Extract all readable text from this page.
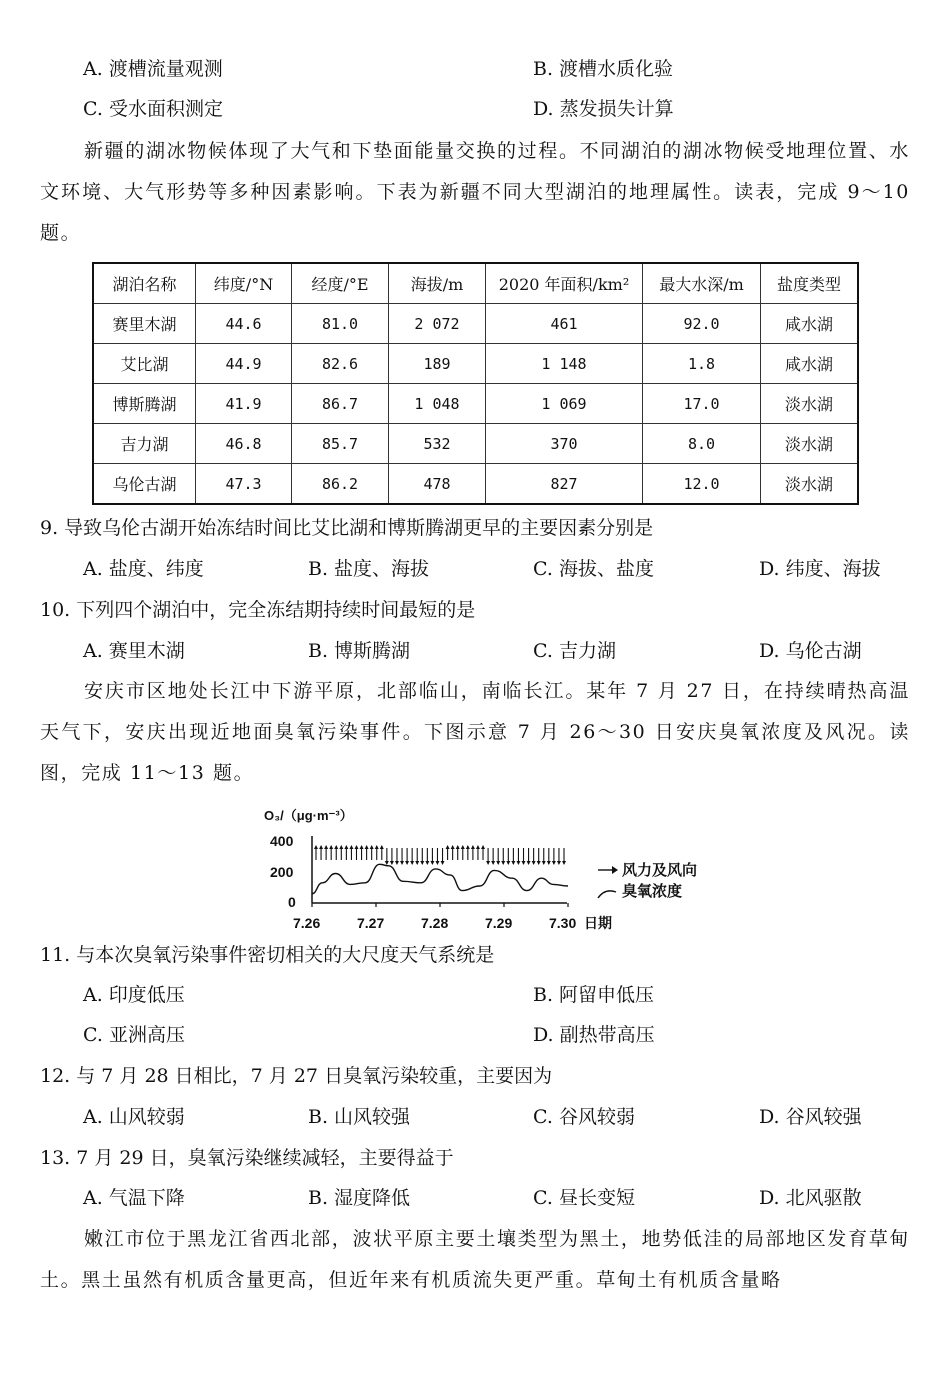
A. 渡槽流量观测	B. 渡槽水质化验
C. 受水面积测定	D. 蒸发损失计算
新疆的湖冰物候体现了大气和下垫面能量交换的过程。不同湖泊的湖冰物候受地理位置、水文环境、大气形势等多种因素影响。下表为新疆不同大型湖泊的地理属性。读表，完成 9～10 题。
湖泊名称	纬度/°N	经度/°E	海拔/m	2020 年面积/km²	最大水深/m	盐度类型
赛里木湖	44.6	81.0	2 072	461	92.0	咸水湖
艾比湖	44.9	82.6	189	1 148	1.8	咸水湖
博斯腾湖	41.9	86.7	1 048	1 069	17.0	淡水湖
吉力湖	46.8	85.7	532	370	8.0	淡水湖
乌伦古湖	47.3	86.2	478	827	12.0	淡水湖
9. 导致乌伦古湖开始冻结时间比艾比湖和博斯腾湖更早的主要因素分别是
A. 盐度、纬度	B. 盐度、海拔	C. 海拔、盐度	D. 纬度、海拔
10. 下列四个湖泊中，完全冻结期持续时间最短的是
A. 赛里木湖	B. 博斯腾湖	C. 吉力湖	D. 乌伦古湖
安庆市区地处长江中下游平原，北部临山，南临长江。某年 7 月 27 日，在持续晴热高温天气下，安庆出现近地面臭氧污染事件。下图示意 7 月 26～30 日安庆臭氧浓度及风况。读图，完成 11～13 题。
O₃/（μg·m⁻³）
400
200
0
7.26	7.27	7.28	7.29	7.30 日期
风力及风向
臭氧浓度
11. 与本次臭氧污染事件密切相关的大尺度天气系统是
A. 印度低压	B. 阿留申低压
C. 亚洲高压	D. 副热带高压
12. 与 7 月 28 日相比，7 月 27 日臭氧污染较重，主要因为
A. 山风较弱	B. 山风较强	C. 谷风较弱	D. 谷风较强
13. 7 月 29 日，臭氧污染继续减轻，主要得益于
A. 气温下降	B. 湿度降低	C. 昼长变短	D. 北风驱散
嫩江市位于黑龙江省西北部，波状平原主要土壤类型为黑土，地势低洼的局部地区发育草甸土。黑土虽然有机质含量更高，但近年来有机质流失更严重。草甸土有机质含量略
